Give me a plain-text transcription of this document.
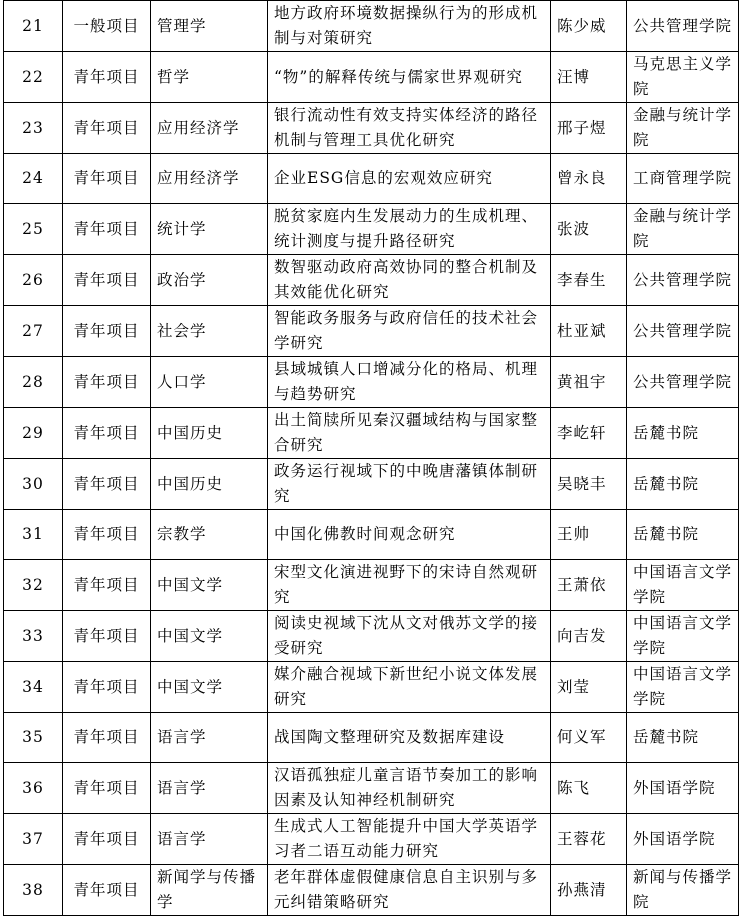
21	一般项目	管理学	地方政府环境数据操纵行为的形成机制与对策研究	陈少威	公共管理学院
22	青年项目	哲学	“物”的解释传统与儒家世界观研究	汪博	马克思主义学院
23	青年项目	应用经济学	银行流动性有效支持实体经济的路径机制与管理工具优化研究	邢子煜	金融与统计学院
24	青年项目	应用经济学	企业ESG信息的宏观效应研究	曾永良	工商管理学院
25	青年项目	统计学	脱贫家庭内生发展动力的生成机理、统计测度与提升路径研究	张波	金融与统计学院
26	青年项目	政治学	数智驱动政府高效协同的整合机制及其效能优化研究	李春生	公共管理学院
27	青年项目	社会学	智能政务服务与政府信任的技术社会学研究	杜亚斌	公共管理学院
28	青年项目	人口学	县域城镇人口增减分化的格局、机理与趋势研究	黄祖宇	公共管理学院
29	青年项目	中国历史	出土简牍所见秦汉疆域结构与国家整合研究	李屹轩	岳麓书院
30	青年项目	中国历史	政务运行视域下的中晚唐藩镇体制研究	吴晓丰	岳麓书院
31	青年项目	宗教学	中国化佛教时间观念研究	王帅	岳麓书院
32	青年项目	中国文学	宋型文化演进视野下的宋诗自然观研究	王萧依	中国语言文学学院
33	青年项目	中国文学	阅读史视域下沈从文对俄苏文学的接受研究	向吉发	中国语言文学学院
34	青年项目	中国文学	媒介融合视域下新世纪小说文体发展研究	刘莹	中国语言文学学院
35	青年项目	语言学	战国陶文整理研究及数据库建设	何义军	岳麓书院
36	青年项目	语言学	汉语孤独症儿童言语节奏加工的影响因素及认知神经机制研究	陈飞	外国语学院
37	青年项目	语言学	生成式人工智能提升中国大学英语学习者二语互动能力研究	王蓉花	外国语学院
38	青年项目	新闻学与传播学	老年群体虚假健康信息自主识别与多元纠错策略研究	孙燕清	新闻与传播学院
